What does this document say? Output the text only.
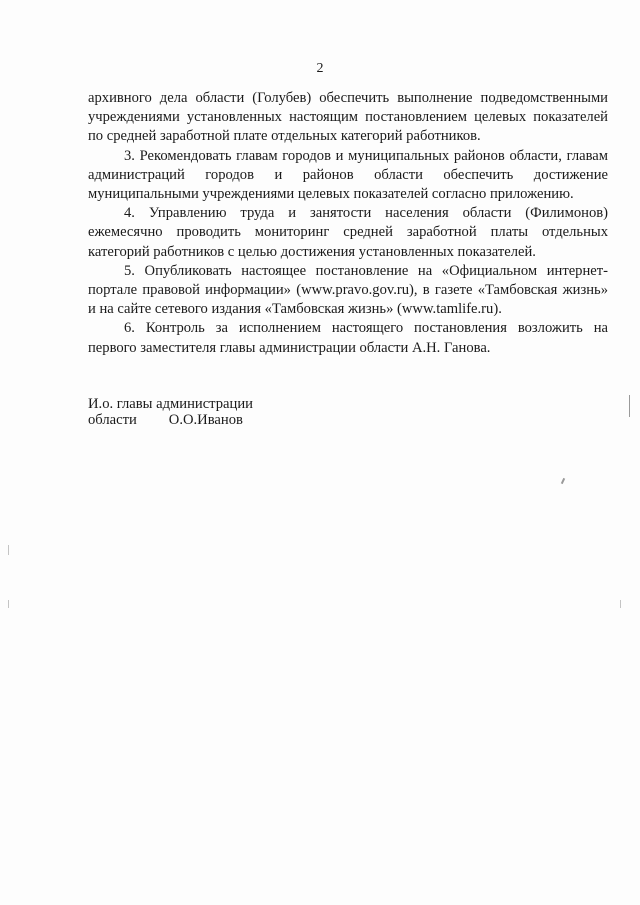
2

архивного дела области (Голубев) обеспечить выполнение подведомственными учреждениями установленных настоящим постановлением целевых показателей по средней заработной плате отдельных категорий работников.

3. Рекомендовать главам городов и муниципальных районов области, главам администраций городов и районов области обеспечить достижение муниципальными учреждениями целевых показателей согласно приложению.

4. Управлению труда и занятости населения области (Филимонов) ежемесячно проводить мониторинг средней заработной платы отдельных категорий работников с целью достижения установленных показателей.

5. Опубликовать настоящее постановление на «Официальном интернет-портале правовой информации» (www.pravo.gov.ru), в газете «Тамбовская жизнь» и на сайте сетевого издания «Тамбовская жизнь» (www.tamlife.ru).

6. Контроль за исполнением настоящего постановления возложить на первого заместителя главы администрации области А.Н. Ганова.

И.о. главы администрации
области О.О.Иванов
